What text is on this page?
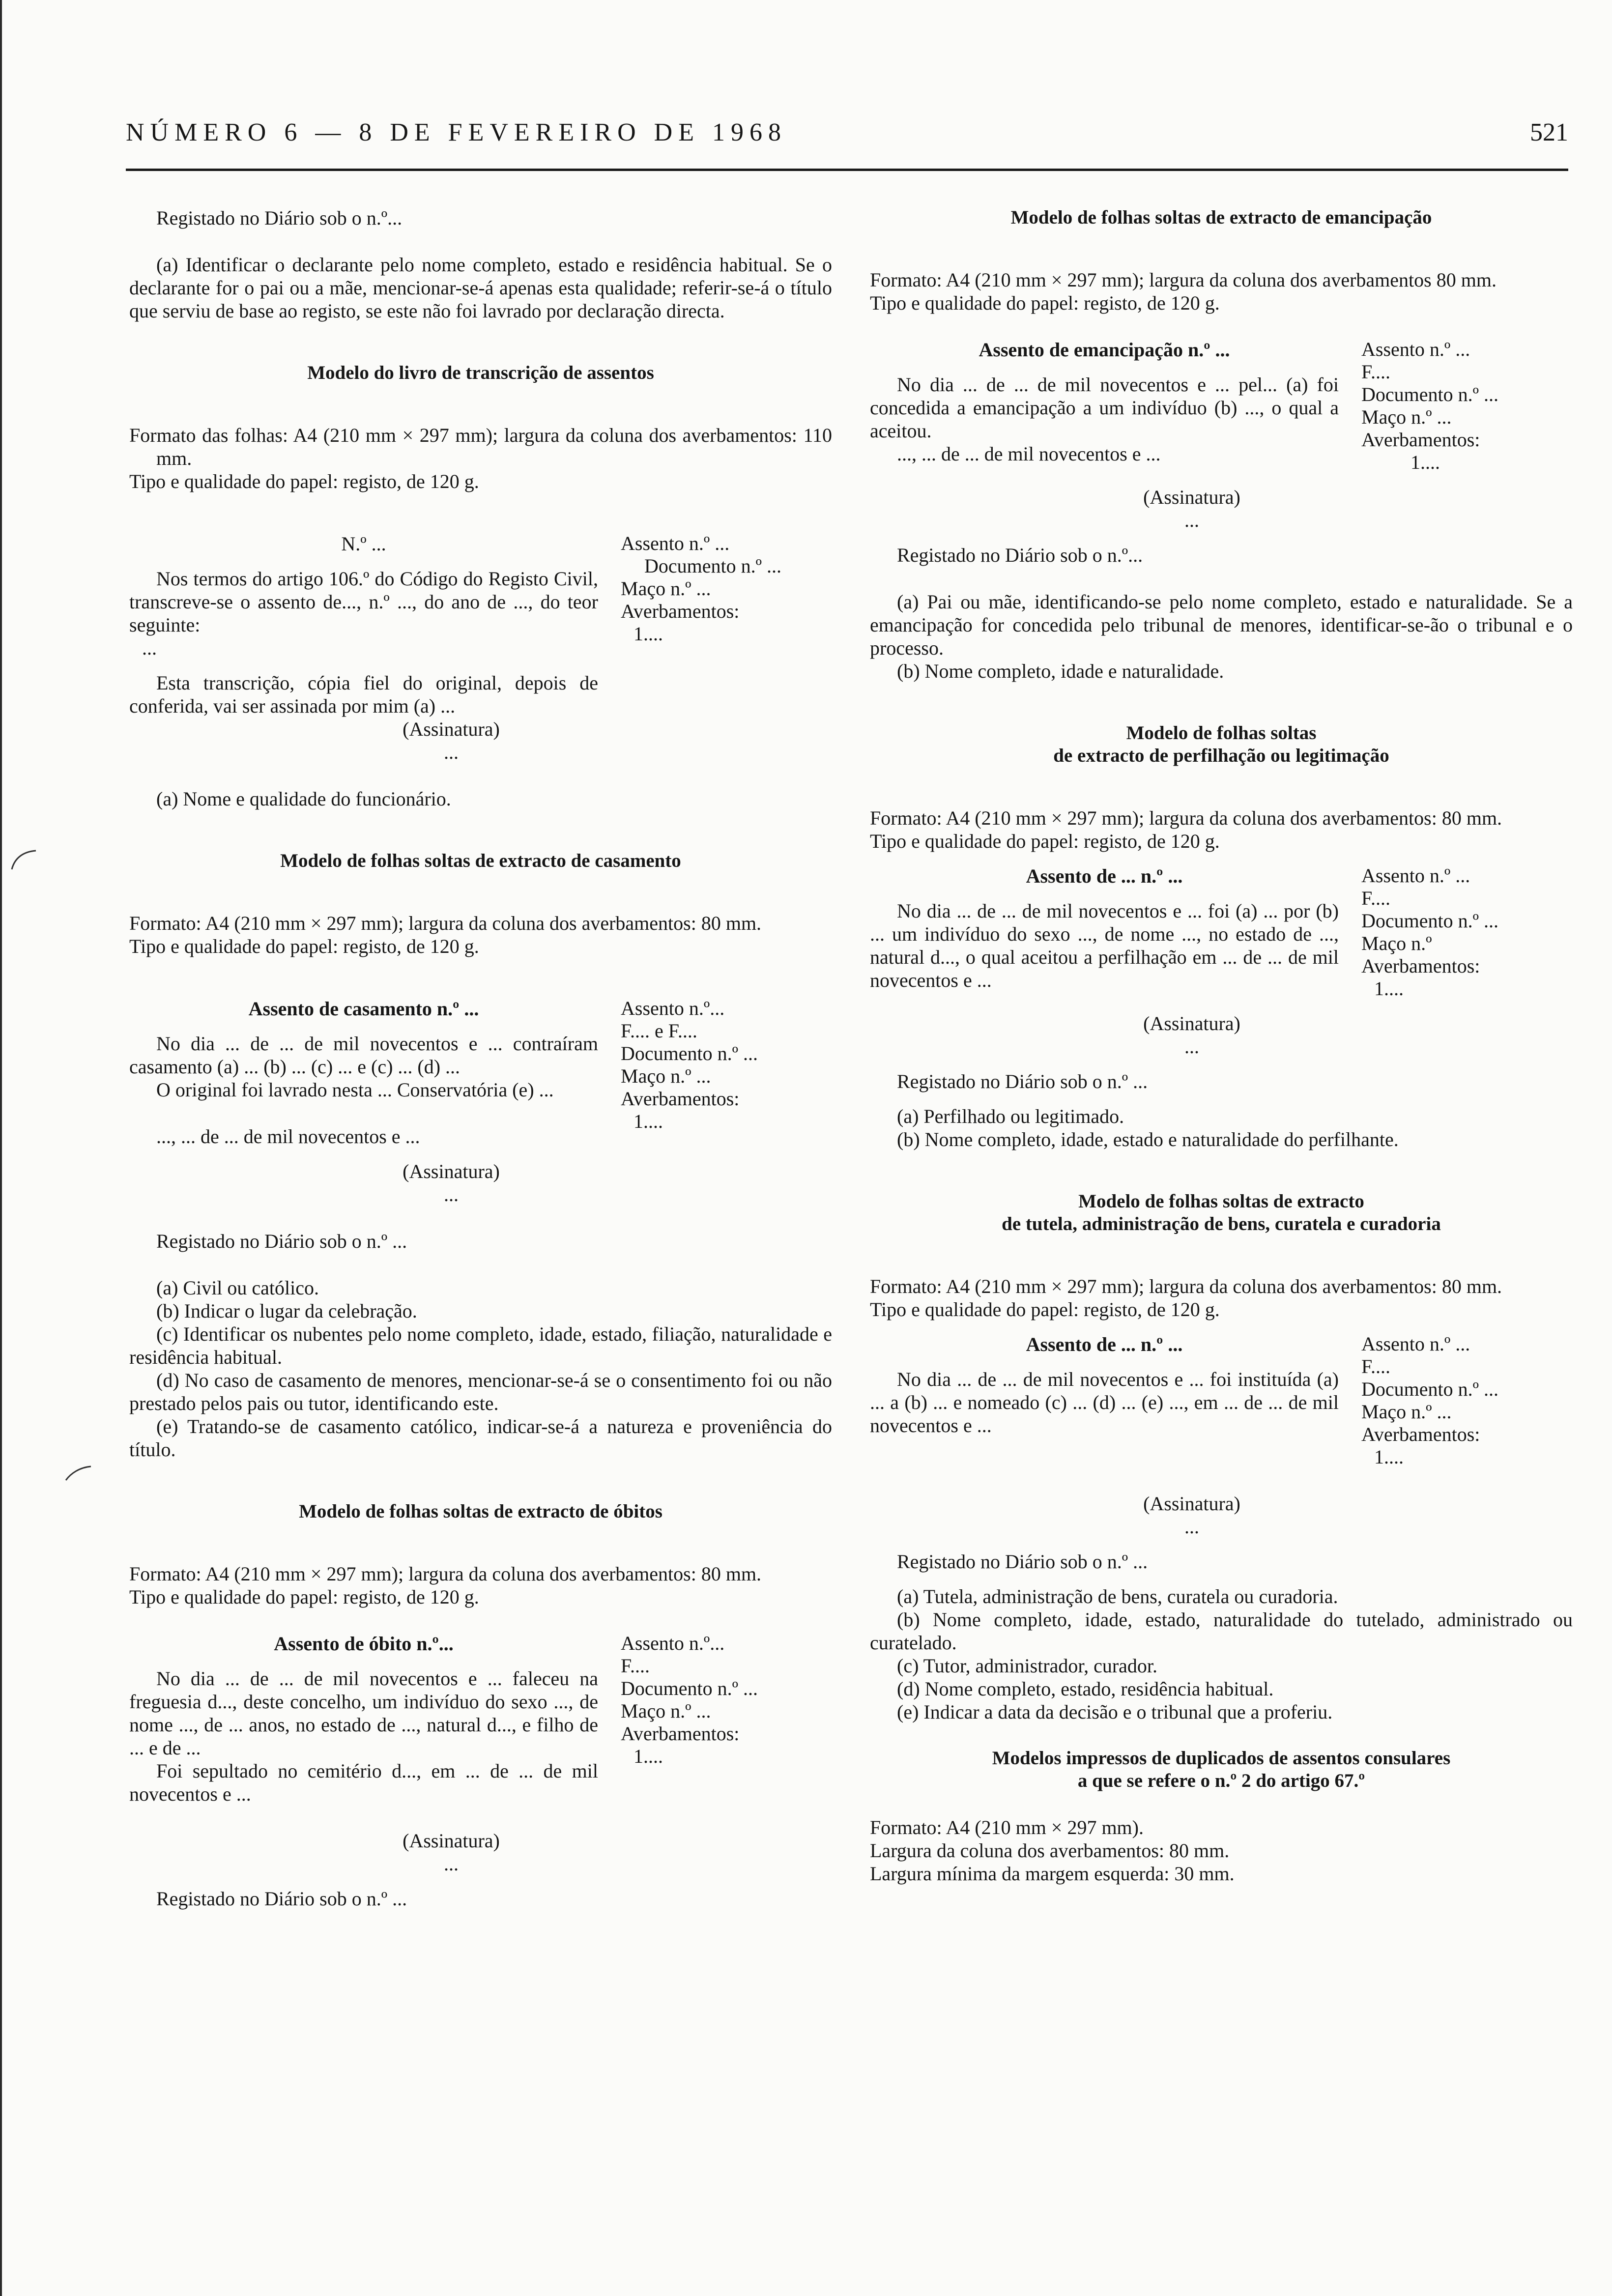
NÚMERO 6 — 8 DE FEVEREIRO DE 1968	521

Registado no Diário sob o n.º...

(a) Identificar o declarante pelo nome completo, estado e residência habitual. Se o declarante for o pai ou a mãe, mencionar-se-á apenas esta qualidade; referir-se-á o título que serviu de base ao registo, se este não foi lavrado por declaração directa.

Modelo do livro de transcrição de assentos

Formato das folhas: A4 (210 mm × 297 mm); largura da coluna dos averbamentos: 110 mm.

Tipo e qualidade do papel: registo, de 120 g.

N.º ...

Nos termos do artigo 106.º do Código do Registo Civil, transcreve-se o assento de..., n.º ..., do ano de ..., do teor seguinte:

...

Esta transcrição, cópia fiel do original, depois de conferida, vai ser assinada por mim (a) ...

Assento n.º ...

Documento n.º ...

Maço n.º ...

Averbamentos:

1....

(Assinatura)

...

(a) Nome e qualidade do funcionário.

Modelo de folhas soltas de extracto de casamento

Formato: A4 (210 mm × 297 mm); largura da coluna dos averbamentos: 80 mm.

Tipo e qualidade do papel: registo, de 120 g.

Assento de casamento n.º ...

No dia ... de ... de mil novecentos e ... contraíram casamento (a) ... (b) ... (c) ... e (c) ... (d) ...

O original foi lavrado nesta ... Conservatória (e) ...

..., ... de ... de mil novecentos e ...

Assento n.º...

F.... e F....

Documento n.º ...

Maço n.º ...

Averbamentos:

1....

(Assinatura)

...

Registado no Diário sob o n.º ...

(a) Civil ou católico.

(b) Indicar o lugar da celebração.

(c) Identificar os nubentes pelo nome completo, idade, estado, filiação, naturalidade e residência habitual.

(d) No caso de casamento de menores, mencionar-se-á se o consentimento foi ou não prestado pelos pais ou tutor, identificando este.

(e) Tratando-se de casamento católico, indicar-se-á a natureza e proveniência do título.

Modelo de folhas soltas de extracto de óbitos

Formato: A4 (210 mm × 297 mm); largura da coluna dos averbamentos: 80 mm.

Tipo e qualidade do papel: registo, de 120 g.

Assento de óbito n.º...

No dia ... de ... de mil novecentos e ... faleceu na freguesia d..., deste concelho, um indivíduo do sexo ..., de nome ..., de ... anos, no estado de ..., natural d..., e filho de ... e de ...

Foi sepultado no cemitério d..., em ... de ... de mil novecentos e ...

Assento n.º...

F....

Documento n.º ...

Maço n.º ...

Averbamentos:

1....

(Assinatura)

...

Registado no Diário sob o n.º ...

Modelo de folhas soltas de extracto de emancipação

Formato: A4 (210 mm × 297 mm); largura da coluna dos averbamentos 80 mm.

Tipo e qualidade do papel: registo, de 120 g.

Assento de emancipação n.º ...

No dia ... de ... de mil novecentos e ... pel... (a) foi concedida a emancipação a um indivíduo (b) ..., o qual a aceitou.

..., ... de ... de mil novecentos e ...

Assento n.º ...

F....

Documento n.º ...

Maço n.º ...

Averbamentos:

1....

(Assinatura)

...

Registado no Diário sob o n.º...

(a) Pai ou mãe, identificando-se pelo nome completo, estado e naturalidade. Se a emancipação for concedida pelo tribunal de menores, identificar-se-ão o tribunal e o processo.

(b) Nome completo, idade e naturalidade.

Modelo de folhas soltas

de extracto de perfilhação ou legitimação

Formato: A4 (210 mm × 297 mm); largura da coluna dos averbamentos: 80 mm.

Tipo e qualidade do papel: registo, de 120 g.

Assento de ... n.º ...

No dia ... de ... de mil novecentos e ... foi (a) ... por (b) ... um indivíduo do sexo ..., de nome ..., no estado de ..., natural d..., o qual aceitou a perfilhação em ... de ... de mil novecentos e ...

Assento n.º ...

F....

Documento n.º ...

Maço n.º

Averbamentos:

1....

(Assinatura)

...

Registado no Diário sob o n.º ...

(a) Perfilhado ou legitimado.

(b) Nome completo, idade, estado e naturalidade do perfilhante.

Modelo de folhas soltas de extracto

de tutela, administração de bens, curatela e curadoria

Formato: A4 (210 mm × 297 mm); largura da coluna dos averbamentos: 80 mm.

Tipo e qualidade do papel: registo, de 120 g.

Assento de ... n.º ...

No dia ... de ... de mil novecentos e ... foi instituída (a) ... a (b) ... e nomeado (c) ... (d) ... (e) ..., em ... de ... de mil novecentos e ...

Assento n.º ...

F....

Documento n.º ...

Maço n.º ...

Averbamentos:

1....

(Assinatura)

...

Registado no Diário sob o n.º ...

(a) Tutela, administração de bens, curatela ou curadoria.

(b) Nome completo, idade, estado, naturalidade do tutelado, administrado ou curatelado.

(c) Tutor, administrador, curador.

(d) Nome completo, estado, residência habitual.

(e) Indicar a data da decisão e o tribunal que a proferiu.

Modelos impressos de duplicados de assentos consulares

a que se refere o n.º 2 do artigo 67.º

Formato: A4 (210 mm × 297 mm).

Largura da coluna dos averbamentos: 80 mm.

Largura mínima da margem esquerda: 30 mm.
